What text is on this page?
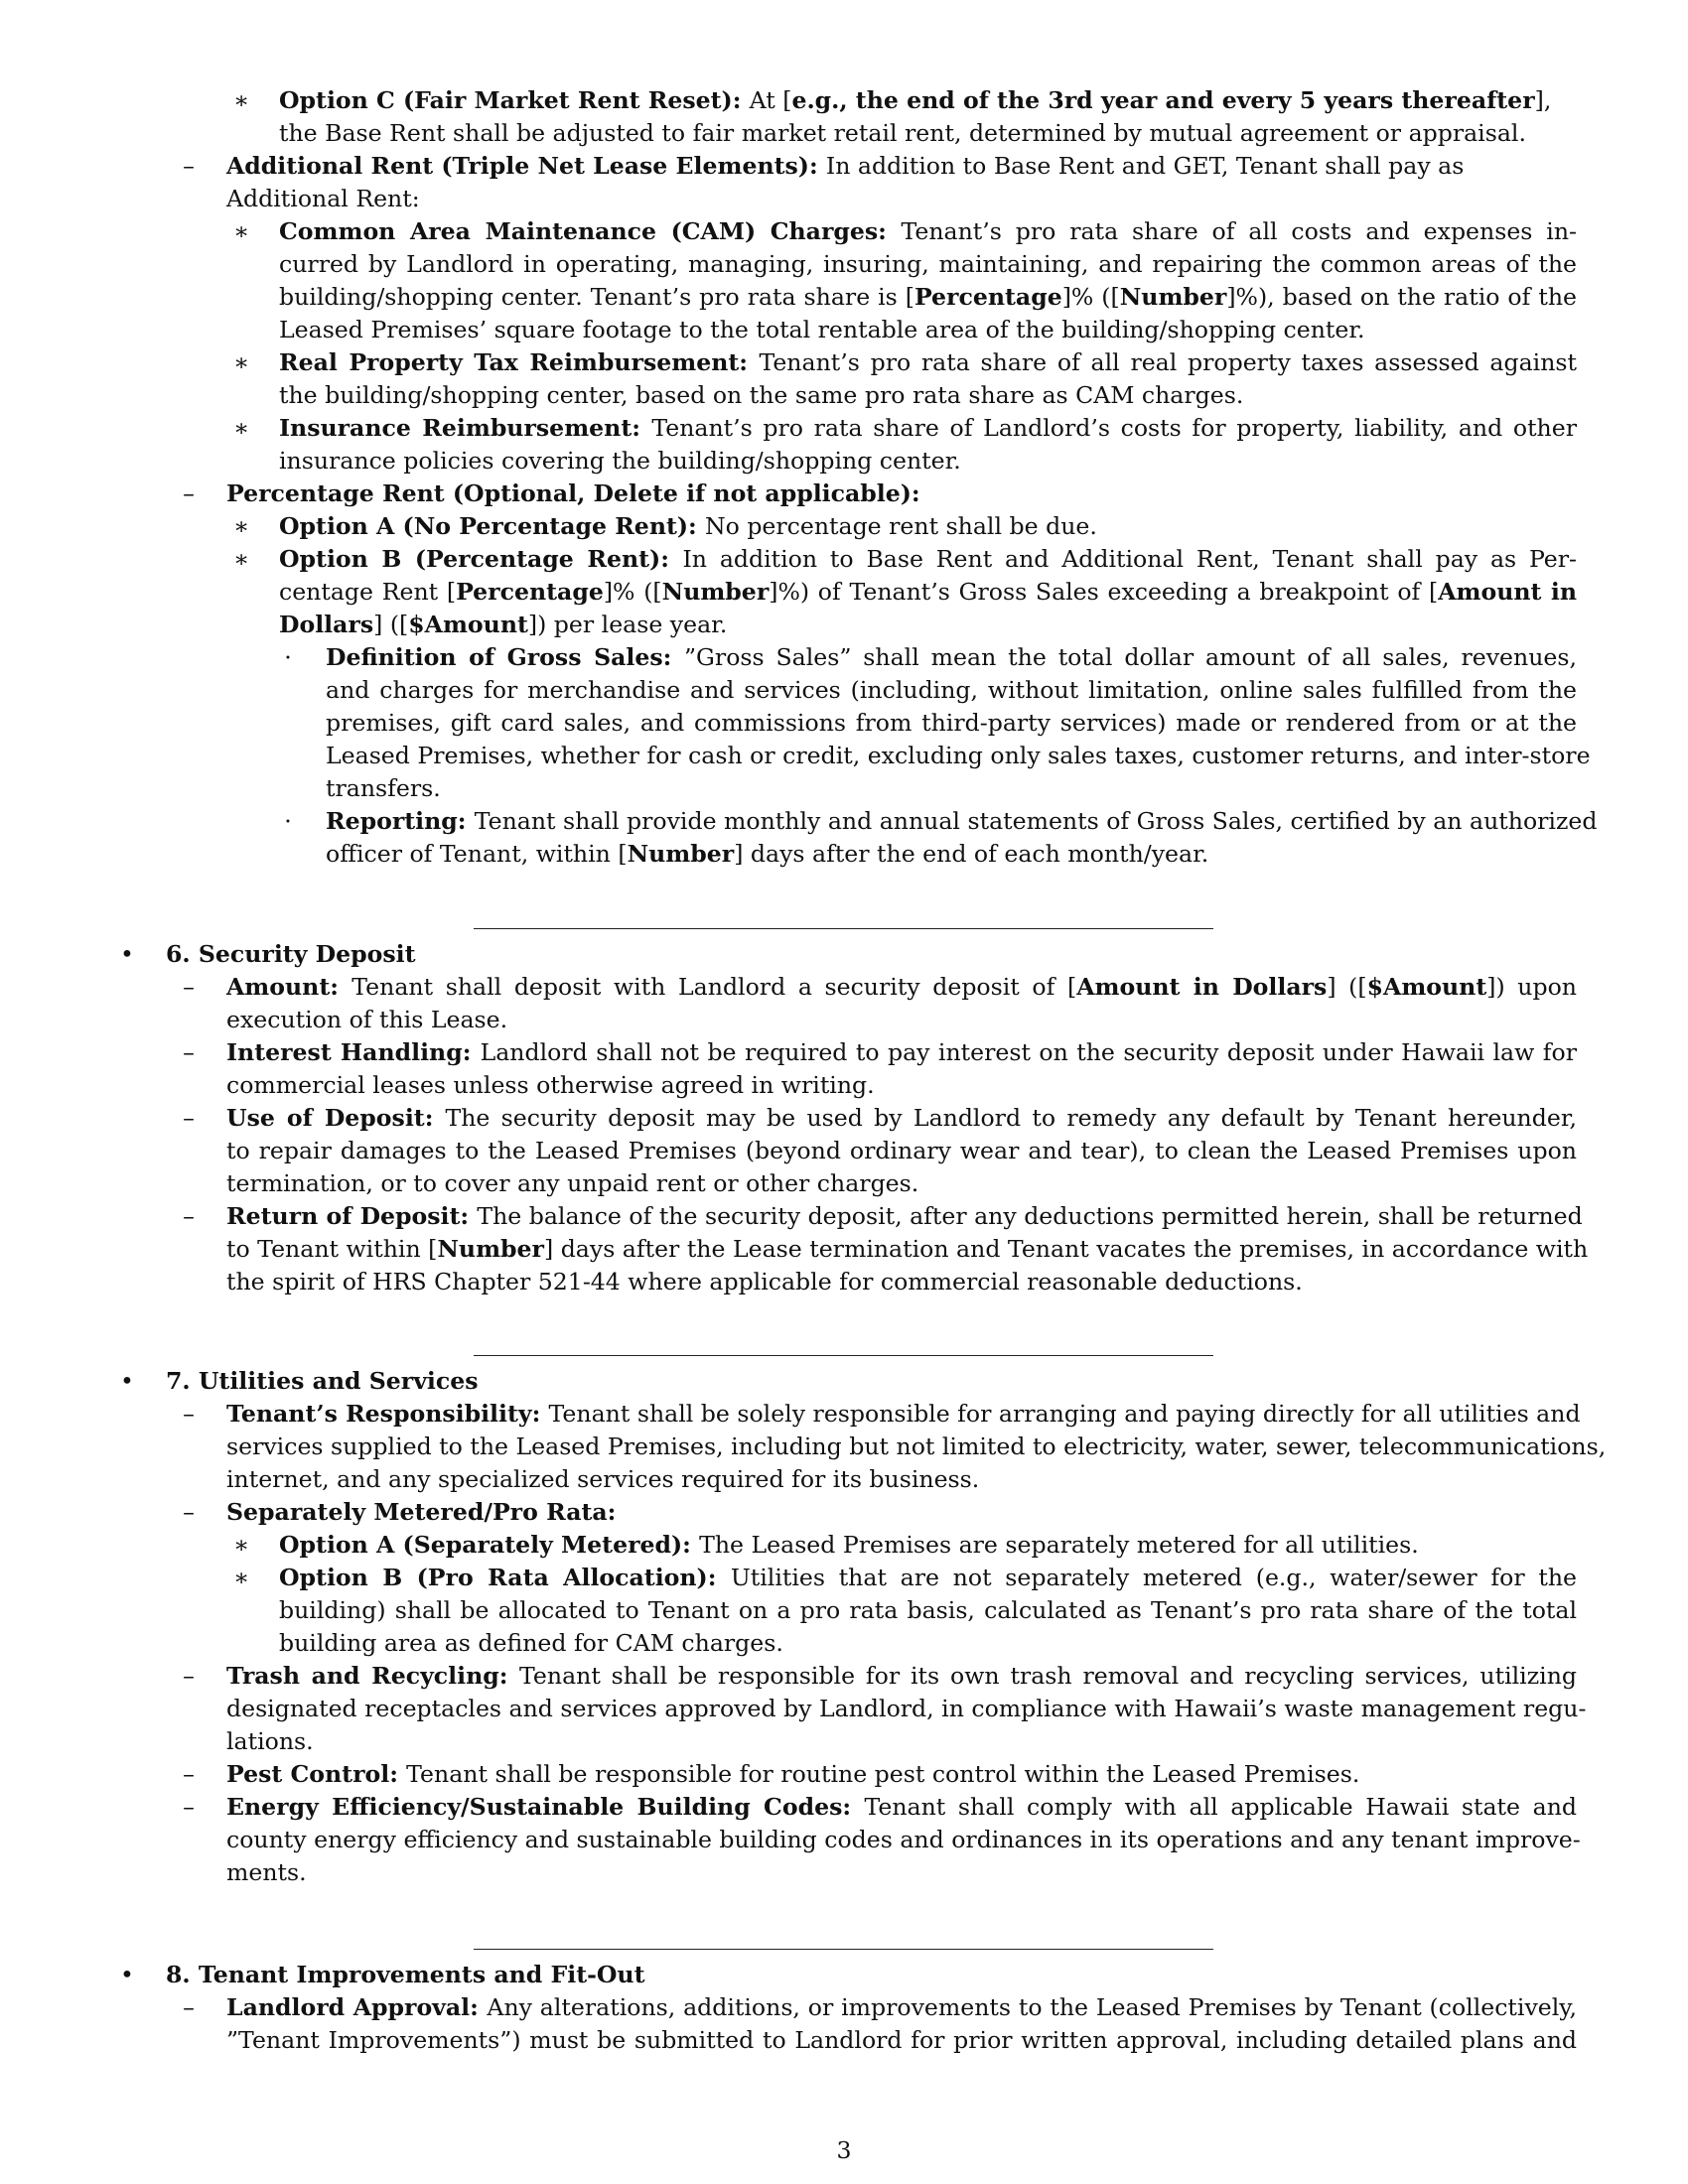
3
∗ Option C (Fair Market Rent Reset): At [e.g., the end of the 3rd year and every 5 years thereafter],
the Base Rent shall be adjusted to fair market retail rent, determined by mutual agreement or appraisal.
–	Additional Rent (Triple Net Lease Elements): In addition to Base Rent and GET, Tenant shall pay as
Additional Rent:
∗ Common Area Maintenance (CAM) Charges: Tenant’s pro rata share of all costs and expenses in-
curred by Landlord in operating, managing, insuring, maintaining, and repairing the common areas of the
building/shopping center. Tenant’s pro rata share is [Percentage]% ([Number]%), based on the ratio of the
Leased Premises’ square footage to the total rentable area of the building/shopping center.
∗ Real Property Tax Reimbursement: Tenant’s pro rata share of all real property taxes assessed against
the building/shopping center, based on the same pro rata share as CAM charges.
∗ Insurance Reimbursement: Tenant’s pro rata share of Landlord’s costs for property, liability, and other
insurance policies covering the building/shopping center.
–	Percentage Rent (Optional, Delete if not applicable):
∗ Option A (No Percentage Rent): No percentage rent shall be due.
∗ Option B (Percentage Rent): In addition to Base Rent and Additional Rent, Tenant shall pay as Per-
centage Rent [Percentage]% ([Number]%) of Tenant’s Gross Sales exceeding a breakpoint of [Amount in
Dollars] ([$Amount]) per lease year.
·	Definition of Gross Sales: ”Gross Sales” shall mean the total dollar amount of all sales, revenues,
and charges for merchandise and services (including, without limitation, online sales fulfilled from the
premises, gift card sales, and commissions from third-party services) made or rendered from or at the
Leased Premises, whether for cash or credit, excluding only sales taxes, customer returns, and inter-store
transfers.
·	Reporting: Tenant shall provide monthly and annual statements of Gross Sales, certified by an authorized
officer of Tenant, within [Number] days after the end of each month/year.
•	6. Security Deposit
–	Amount: Tenant shall deposit with Landlord a security deposit of [Amount in Dollars] ([$Amount]) upon
execution of this Lease.
–	Interest Handling: Landlord shall not be required to pay interest on the security deposit under Hawaii law for
commercial leases unless otherwise agreed in writing.
–	Use of Deposit: The security deposit may be used by Landlord to remedy any default by Tenant hereunder,
to repair damages to the Leased Premises (beyond ordinary wear and tear), to clean the Leased Premises upon
termination, or to cover any unpaid rent or other charges.
–	Return of Deposit: The balance of the security deposit, after any deductions permitted herein, shall be returned
to Tenant within [Number] days after the Lease termination and Tenant vacates the premises, in accordance with
the spirit of HRS Chapter 521-44 where applicable for commercial reasonable deductions.
•	7. Utilities and Services
–	Tenant’s Responsibility: Tenant shall be solely responsible for arranging and paying directly for all utilities and
services supplied to the Leased Premises, including but not limited to electricity, water, sewer, telecommunications,
internet, and any specialized services required for its business.
–	Separately Metered/Pro Rata:
∗ Option A (Separately Metered): The Leased Premises are separately metered for all utilities.
∗ Option B (Pro Rata Allocation): Utilities that are not separately metered (e.g., water/sewer for the
building) shall be allocated to Tenant on a pro rata basis, calculated as Tenant’s pro rata share of the total
building area as defined for CAM charges.
–	Trash and Recycling: Tenant shall be responsible for its own trash removal and recycling services, utilizing
designated receptacles and services approved by Landlord, in compliance with Hawaii’s waste management regu-
lations.
–	Pest Control: Tenant shall be responsible for routine pest control within the Leased Premises.
–	Energy Efficiency/Sustainable Building Codes: Tenant shall comply with all applicable Hawaii state and
county energy efficiency and sustainable building codes and ordinances in its operations and any tenant improve-
ments.
•	8. Tenant Improvements and Fit-Out
–	Landlord Approval: Any alterations, additions, or improvements to the Leased Premises by Tenant (collectively,
”Tenant Improvements”) must be submitted to Landlord for prior written approval, including detailed plans and
